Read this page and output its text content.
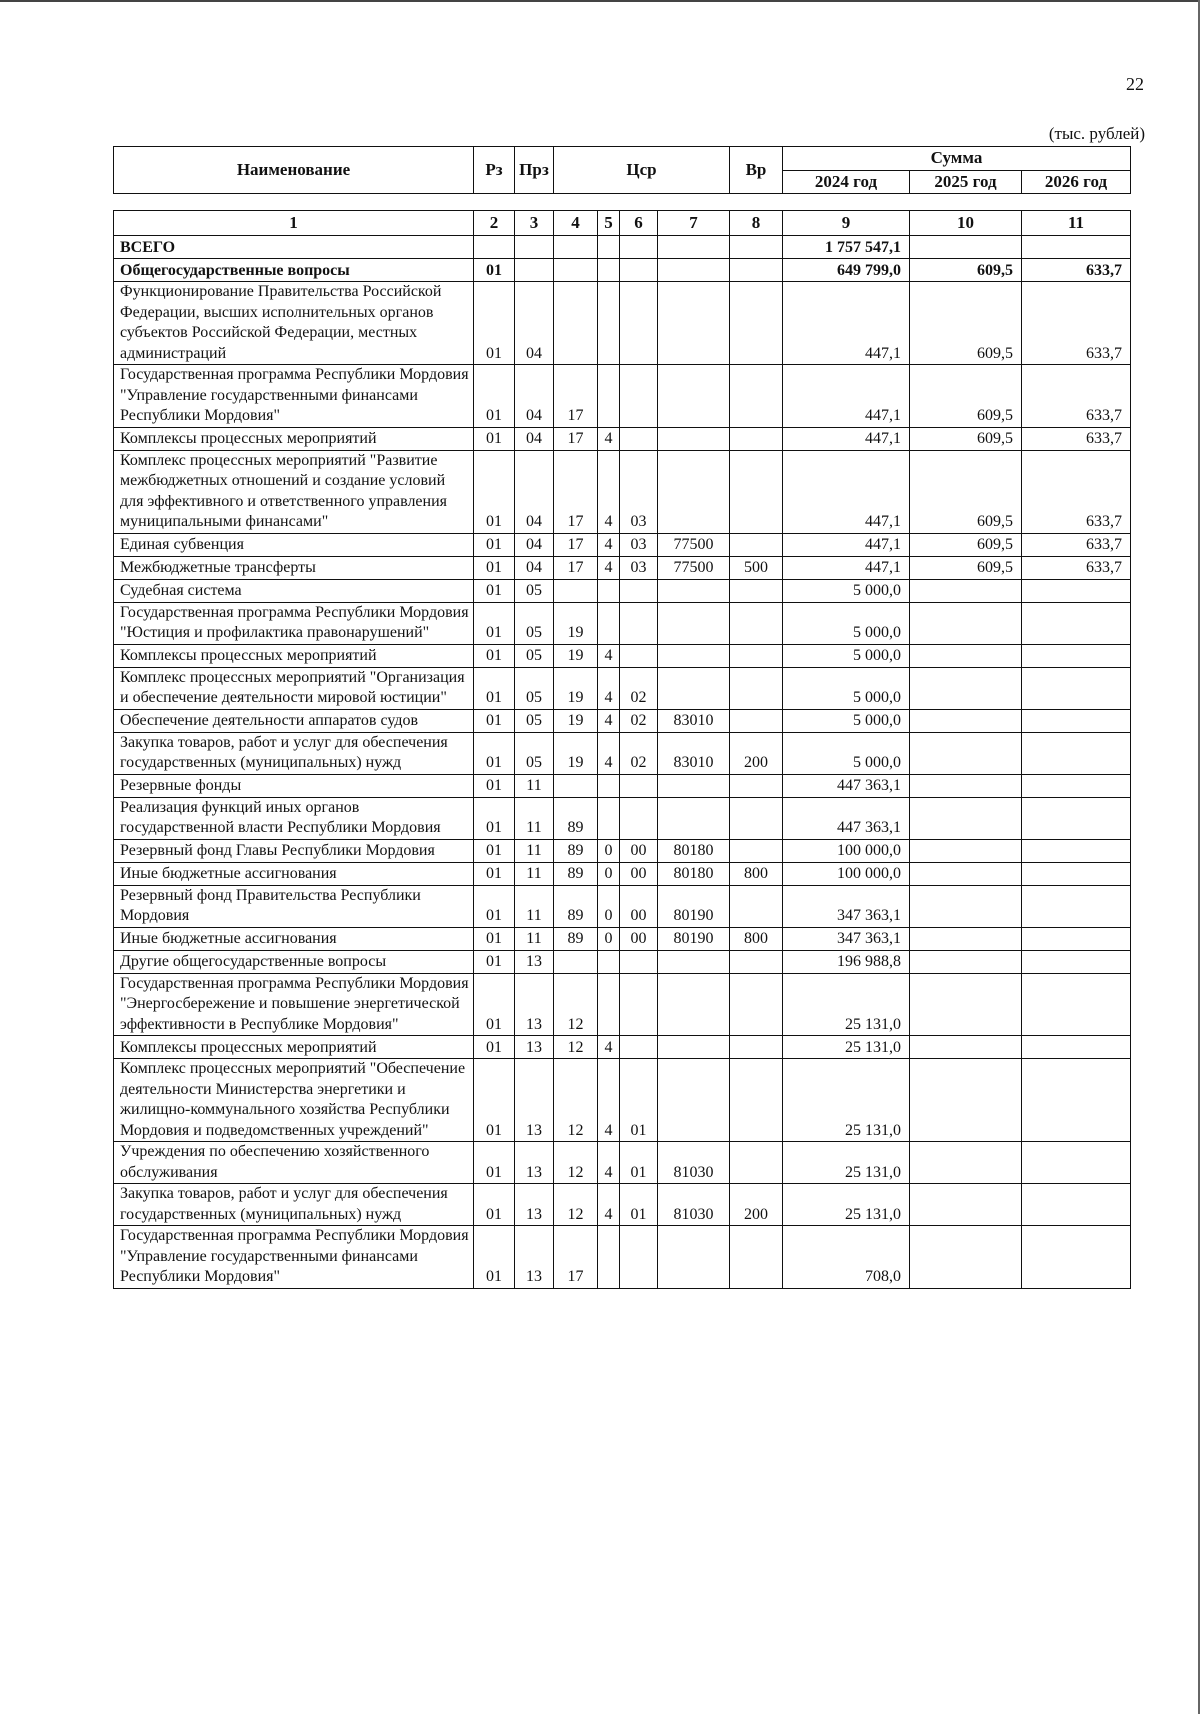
22
(тыс. рублей)
Наименование	Рз	Прз	Цср	Вр	Сумма		
					2024 год	2025 год	2026 год
1	2	3	4	5	6	7	8	9	10	11
ВСЕГО								1 757 547,1		
Общегосударственные вопросы	01							649 799,0	609,5	633,7
Функционирование Правительства Российской Федерации, высших исполнительных органов субъектов Российской Федерации, местных администраций	01	04						447,1	609,5	633,7
Государственная программа Республики Мордовия "Управление государственными финансами Республики Мордовия"	01	04	17					447,1	609,5	633,7
Комплексы процессных мероприятий	01	04	17	4				447,1	609,5	633,7
Комплекс процессных мероприятий "Развитие межбюджетных отношений и создание условий для эффективного и ответственного управления муниципальными финансами"	01	04	17	4	03			447,1	609,5	633,7
Единая субвенция	01	04	17	4	03	77500		447,1	609,5	633,7
Межбюджетные трансферты	01	04	17	4	03	77500	500	447,1	609,5	633,7
Судебная система	01	05						5 000,0		
Государственная программа Республики Мордовия "Юстиция и профилактика правонарушений"	01	05	19					5 000,0		
Комплексы процессных мероприятий	01	05	19	4				5 000,0		
Комплекс процессных мероприятий "Организация и обеспечение деятельности мировой юстиции"	01	05	19	4	02			5 000,0		
Обеспечение деятельности аппаратов судов	01	05	19	4	02	83010		5 000,0		
Закупка товаров, работ и услуг для обеспечения государственных (муниципальных) нужд	01	05	19	4	02	83010	200	5 000,0		
Резервные фонды	01	11						447 363,1		
Реализация функций иных органов государственной власти Республики Мордовия	01	11	89					447 363,1		
Резервный фонд Главы Республики Мордовия	01	11	89	0	00	80180		100 000,0		
Иные бюджетные ассигнования	01	11	89	0	00	80180	800	100 000,0		
Резервный фонд Правительства Республики Мордовия	01	11	89	0	00	80190		347 363,1		
Иные бюджетные ассигнования	01	11	89	0	00	80190	800	347 363,1		
Другие общегосударственные вопросы	01	13						196 988,8		
Государственная программа Республики Мордовия "Энергосбережение и повышение энергетической эффективности в Республике Мордовия"	01	13	12					25 131,0		
Комплексы процессных мероприятий	01	13	12	4				25 131,0		
Комплекс процессных мероприятий "Обеспечение деятельности Министерства энергетики и жилищно-коммунального хозяйства Республики Мордовия и подведомственных учреждений"	01	13	12	4	01			25 131,0		
Учреждения по обеспечению хозяйственного обслуживания	01	13	12	4	01	81030		25 131,0		
Закупка товаров, работ и услуг для обеспечения государственных (муниципальных) нужд	01	13	12	4	01	81030	200	25 131,0		
Государственная программа Республики Мордовия "Управление государственными финансами Республики Мордовия"	01	13	17					708,0		
